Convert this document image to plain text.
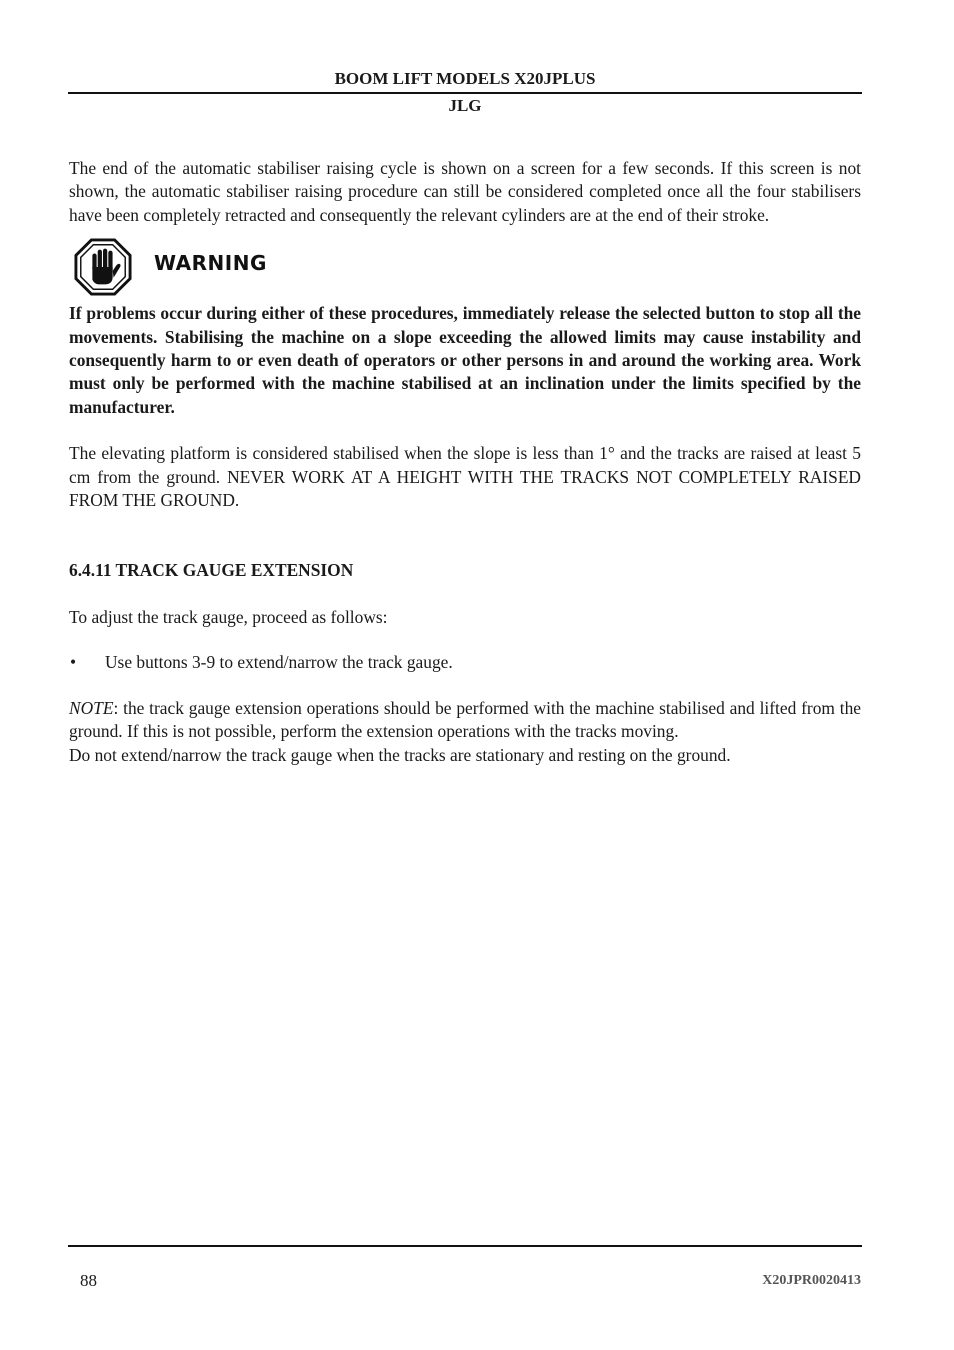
BOOM LIFT MODELS X20JPLUS
JLG

The end of the automatic stabiliser raising cycle is shown on a screen for a few seconds. If this screen is not shown, the automatic stabiliser raising procedure can still be considered completed once all the four stabilisers have been completely retracted and consequently the relevant cylinders are at the end of their stroke.

WARNING

If problems occur during either of these procedures, immediately release the selected button to stop all the movements. Stabilising the machine on a slope exceeding the allowed limits may cause instability and consequently harm to or even death of operators or other persons in and around the working area. Work must only be performed with the machine stabilised at an inclination under the limits specified by the manufacturer.

The elevating platform is considered stabilised when the slope is less than 1° and the tracks are raised at least 5 cm from the ground. NEVER WORK AT A HEIGHT WITH THE TRACKS NOT COMPLETELY RAISED FROM THE GROUND.

6.4.11 TRACK GAUGE EXTENSION

To adjust the track gauge, proceed as follows:

• Use buttons 3-9 to extend/narrow the track gauge.

NOTE: the track gauge extension operations should be performed with the machine stabilised and lifted from the ground. If this is not possible, perform the extension operations with the tracks moving.

Do not extend/narrow the track gauge when the tracks are stationary and resting on the ground.

88	X20JPR0020413
